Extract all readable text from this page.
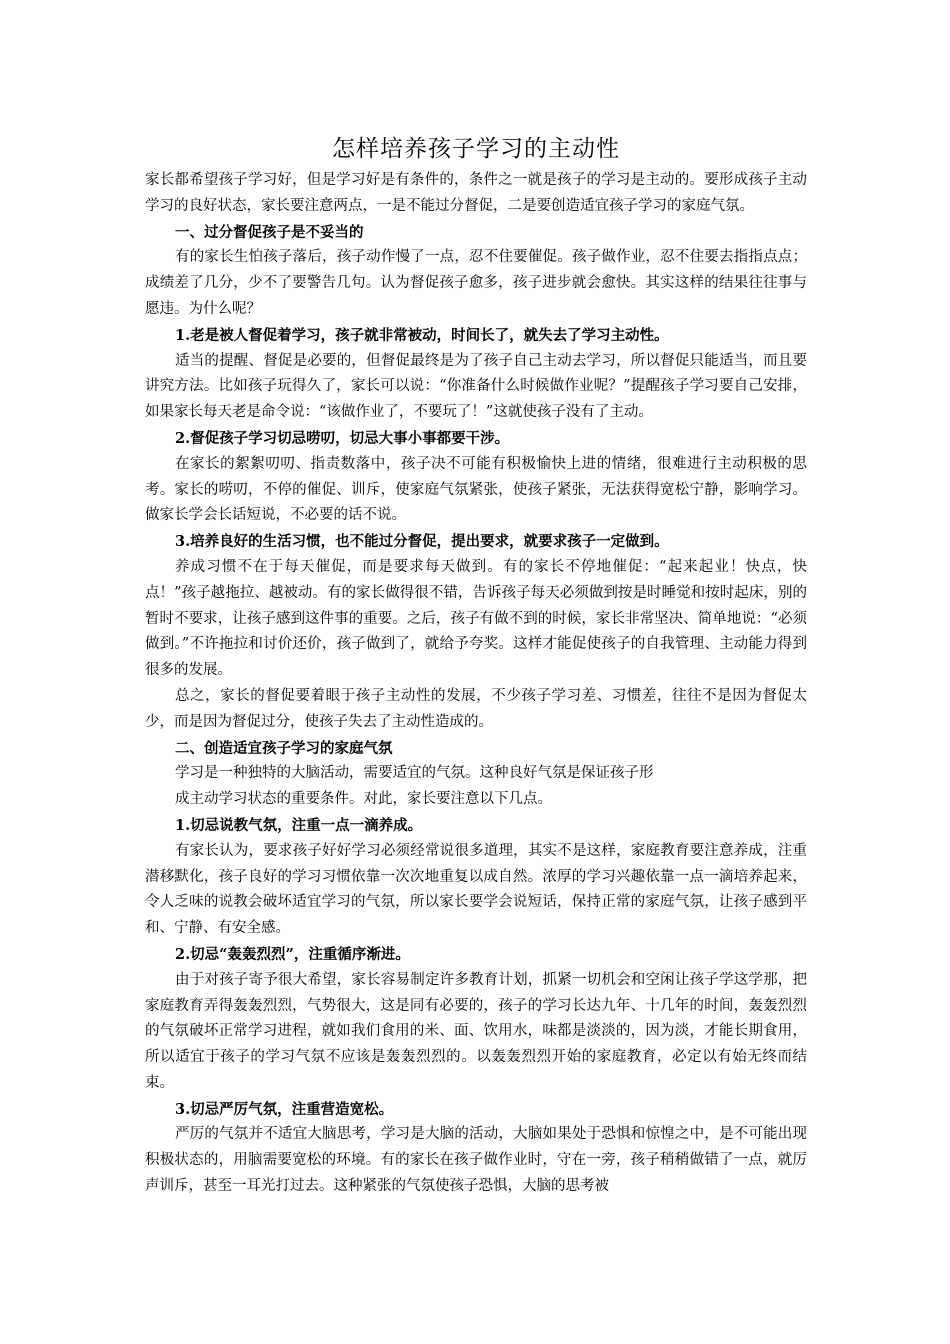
怎样培养孩子学习的主动性

家长都希望孩子学习好，但是学习好是有条件的，条件之一就是孩子的学习是主动的。要形成孩子主动学习的良好状态，家长要注意两点，一是不能过分督促，二是要创造适宜孩子学习的家庭气氛。

一、过分督促孩子是不妥当的

有的家长生怕孩子落后，孩子动作慢了一点，忍不住要催促。孩子做作业，忍不住要去指指点点；成绩差了几分，少不了要警告几句。认为督促孩子愈多，孩子进步就会愈快。其实这样的结果往往事与愿违。为什么呢？

1.老是被人督促着学习，孩子就非常被动，时间长了，就失去了学习主动性。

适当的提醒、督促是必要的，但督促最终是为了孩子自己主动去学习，所以督促只能适当，而且要讲究方法。比如孩子玩得久了，家长可以说：“你准备什么时候做作业呢？”提醒孩子学习要自己安排，如果家长每天老是命令说：“该做作业了，不要玩了！”这就使孩子没有了主动。

2.督促孩子学习切忌唠叨，切忌大事小事都要干涉。

在家长的絮絮叨叨、指责数落中，孩子决不可能有积极愉快上进的情绪，很难进行主动积极的思考。家长的唠叨，不停的催促、训斥，使家庭气氛紧张，使孩子紧张，无法获得宽松宁静，影响学习。做家长学会长话短说，不必要的话不说。

3.培养良好的生活习惯，也不能过分督促，提出要求，就要求孩子一定做到。

养成习惯不在于每天催促，而是要求每天做到。有的家长不停地催促：“起来起业！快点，快点！”孩子越拖拉、越被动。有的家长做得很不错，告诉孩子每天必须做到按是时睡觉和按时起床，别的暂时不要求，让孩子感到这件事的重要。之后，孩子有做不到的时候，家长非常坚决、简单地说：“必须做到。”不许拖拉和讨价还价，孩子做到了，就给予夸奖。这样才能促使孩子的自我管理、主动能力得到很多的发展。

总之，家长的督促要着眼于孩子主动性的发展，不少孩子学习差、习惯差，往往不是因为督促太少，而是因为督促过分，使孩子失去了主动性造成的。

二、创造适宜孩子学习的家庭气氛

学习是一种独特的大脑活动，需要适宜的气氛。这种良好气氛是保证孩子形

成主动学习状态的重要条件。对此，家长要注意以下几点。

1.切忌说教气氛，注重一点一滴养成。

有家长认为，要求孩子好好学习必须经常说很多道理，其实不是这样，家庭教育要注意养成，注重潜移默化，孩子良好的学习习惯依靠一次次地重复以成自然。浓厚的学习兴趣依靠一点一滴培养起来，令人乏味的说教会破坏适宜学习的气氛，所以家长要学会说短话，保持正常的家庭气氛，让孩子感到平和、宁静、有安全感。

2.切忌“轰轰烈烈”，注重循序渐进。

由于对孩子寄予很大希望，家长容易制定许多教育计划，抓紧一切机会和空闲让孩子学这学那，把家庭教育弄得轰轰烈烈，气势很大，这是同有必要的，孩子的学习长达九年、十几年的时间，轰轰烈烈的气氛破坏正常学习进程，就如我们食用的米、面、饮用水，味都是淡淡的，因为淡，才能长期食用，所以适宜于孩子的学习气氛不应该是轰轰烈烈的。以轰轰烈烈开始的家庭教育，必定以有始无终而结束。

3.切忌严厉气氛，注重营造宽松。

严厉的气氛并不适宜大脑思考，学习是大脑的活动，大脑如果处于恐惧和惊惶之中，是不可能出现积极状态的，用脑需要宽松的环境。有的家长在孩子做作业时，守在一旁，孩子稍稍做错了一点，就厉声训斥，甚至一耳光打过去。这种紧张的气氛使孩子恐惧，大脑的思考被
